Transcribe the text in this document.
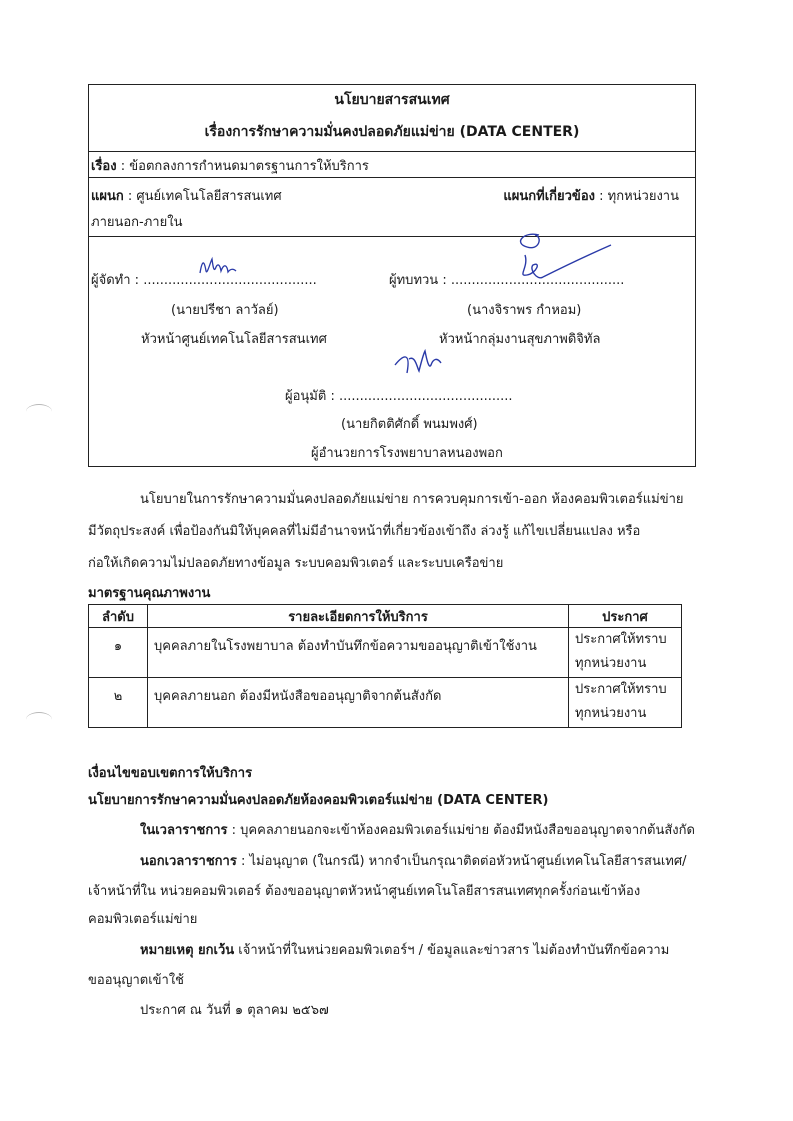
นโยบายสารสนเทศ
เรื่องการรักษาความมั่นคงปลอดภัยแม่ข่าย (DATA CENTER)
เรื่อง : ข้อตกลงการกำหนดมาตรฐานการให้บริการ
แผนก : ศูนย์เทคโนโลยีสารสนเทศ	แผนกที่เกี่ยวข้อง : ทุกหน่วยงาน
ภายนอก-ภายใน
ผู้จัดทำ : ..........................................
(นายปรีชา ลาวัลย์)
หัวหน้าศูนย์เทคโนโลยีสารสนเทศ
ผู้ทบทวน : ..........................................
(นางจิราพร กำหอม)
หัวหน้ากลุ่มงานสุขภาพดิจิทัล
ผู้อนุมัติ : ..........................................
(นายกิตติศักดิ์ พนมพงศ์)
ผู้อำนวยการโรงพยาบาลหนองพอก
นโยบายในการรักษาความมั่นคงปลอดภัยแม่ข่าย การควบคุมการเข้า-ออก ห้องคอมพิวเตอร์แม่ข่าย
มีวัตถุประสงค์ เพื่อป้องกันมิให้บุคคลที่ไม่มีอำนาจหน้าที่เกี่ยวข้องเข้าถึง ล่วงรู้ แก้ไขเปลี่ยนแปลง หรือ
ก่อให้เกิดความไม่ปลอดภัยทางข้อมูล ระบบคอมพิวเตอร์ และระบบเครือข่าย
มาตรฐานคุณภาพงาน
ลำดับ	รายละเอียดการให้บริการ	ประกาศ
๑	บุคคลภายในโรงพยาบาล ต้องทำบันทึกข้อความขออนุญาติเข้าใช้งาน	ประกาศให้ทราบ
ทุกหน่วยงาน

๒	บุคคลภายนอก ต้องมีหนังสือขออนุญาติจากต้นสังกัด	ประกาศให้ทราบ
ทุกหน่วยงาน
เงื่อนไขขอบเขตการให้บริการ
นโยบายการรักษาความมั่นคงปลอดภัยห้องคอมพิวเตอร์แม่ข่าย (DATA CENTER)
ในเวลาราชการ : บุคคลภายนอกจะเข้าห้องคอมพิวเตอร์แม่ข่าย ต้องมีหนังสือขออนุญาตจากต้นสังกัด
นอกเวลาราชการ : ไม่อนุญาต (ในกรณี) หากจำเป็นกรุณาติดต่อหัวหน้าศูนย์เทคโนโลยีสารสนเทศ/
เจ้าหน้าที่ใน หน่วยคอมพิวเตอร์ ต้องขออนุญาตหัวหน้าศูนย์เทคโนโลยีสารสนเทศทุกครั้งก่อนเข้าห้อง
คอมพิวเตอร์แม่ข่าย
หมายเหตุ ยกเว้น เจ้าหน้าที่ในหน่วยคอมพิวเตอร์ฯ / ข้อมูลและข่าวสาร ไม่ต้องทำบันทึกข้อความ
ขออนุญาตเข้าใช้
ประกาศ ณ วันที่ ๑ ตุลาคม ๒๕๖๗
